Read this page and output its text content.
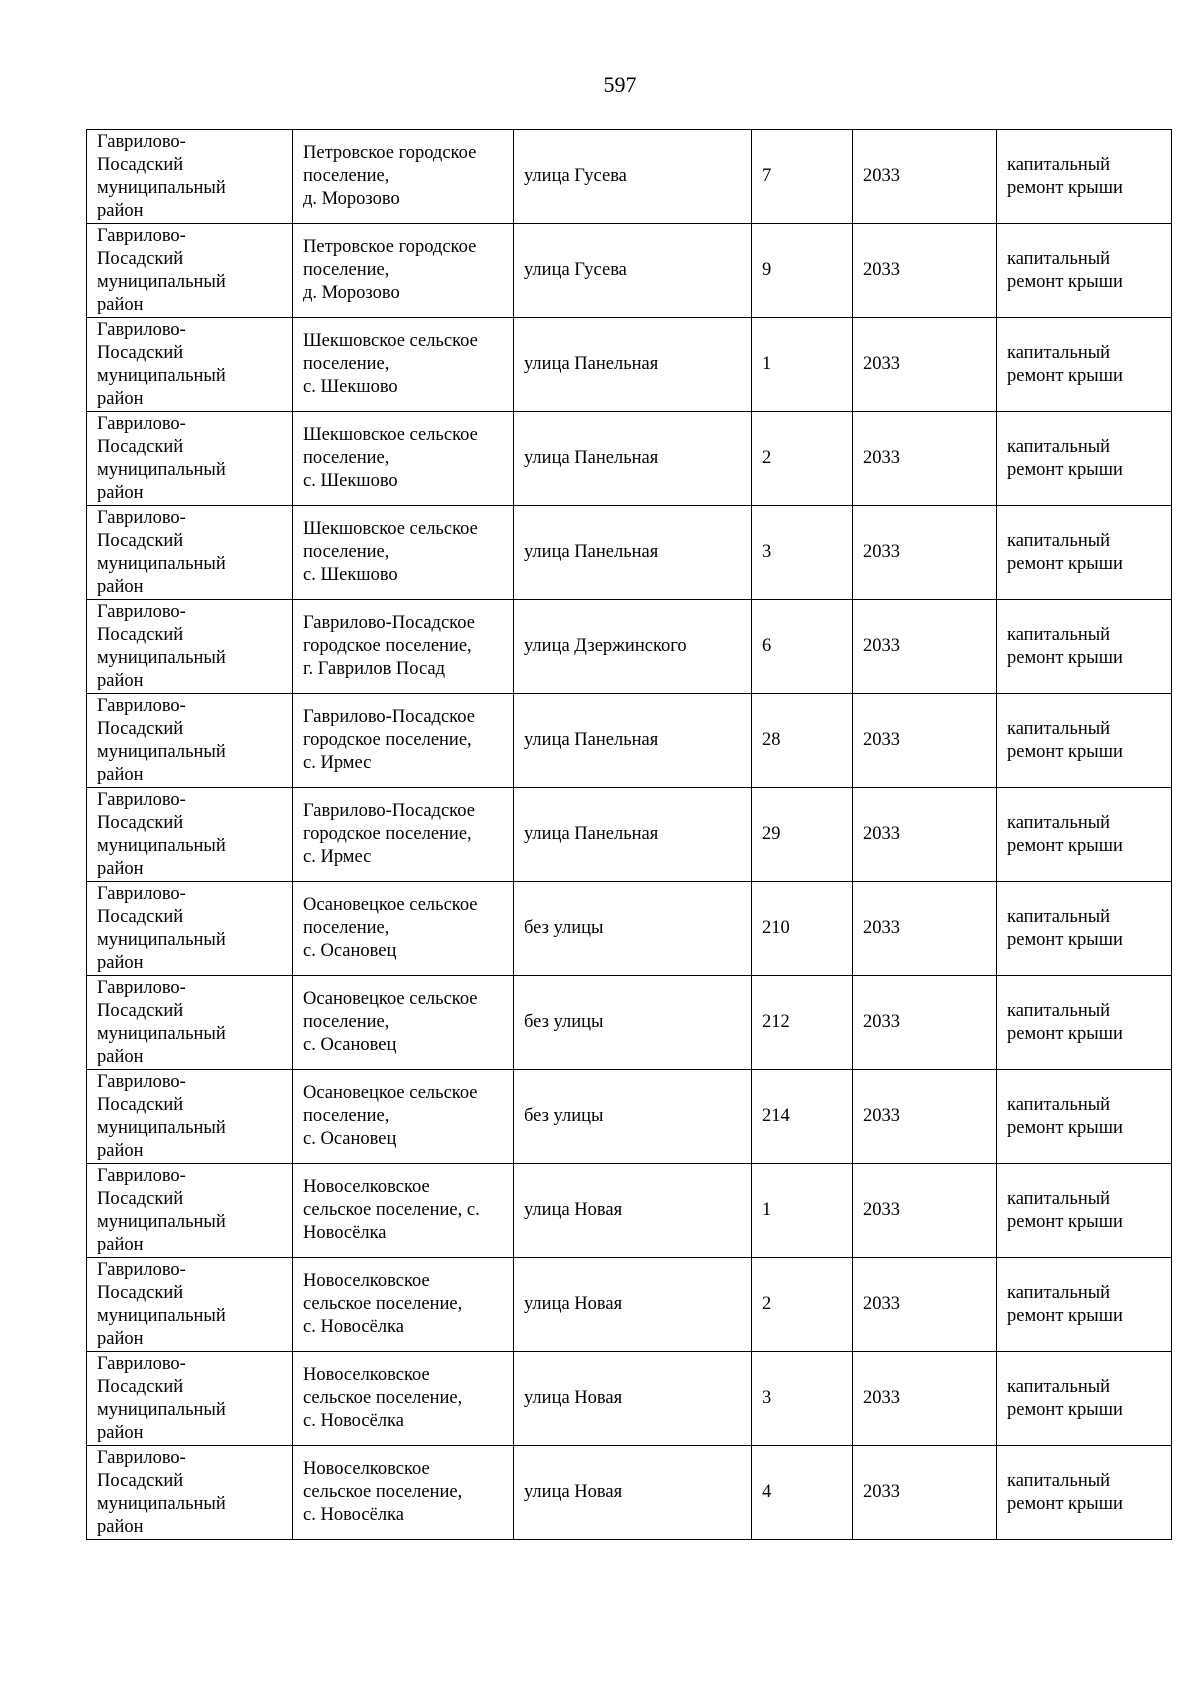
597
Гаврилово-
Посадский
муниципальный
район	Петровское городское
поселение,
д. Морозово	улица Гусева	7	2033	капитальный
ремонт крыши
Гаврилово-
Посадский
муниципальный
район	Петровское городское
поселение,
д. Морозово	улица Гусева	9	2033	капитальный
ремонт крыши
Гаврилово-
Посадский
муниципальный
район	Шекшовское сельское
поселение,
с. Шекшово	улица Панельная	1	2033	капитальный
ремонт крыши
Гаврилово-
Посадский
муниципальный
район	Шекшовское сельское
поселение,
с. Шекшово	улица Панельная	2	2033	капитальный
ремонт крыши
Гаврилово-
Посадский
муниципальный
район	Шекшовское сельское
поселение,
с. Шекшово	улица Панельная	3	2033	капитальный
ремонт крыши
Гаврилово-
Посадский
муниципальный
район	Гаврилово-Посадское
городское поселение,
г. Гаврилов Посад	улица Дзержинского	6	2033	капитальный
ремонт крыши
Гаврилово-
Посадский
муниципальный
район	Гаврилово-Посадское
городское поселение,
с. Ирмес	улица Панельная	28	2033	капитальный
ремонт крыши
Гаврилово-
Посадский
муниципальный
район	Гаврилово-Посадское
городское поселение,
с. Ирмес	улица Панельная	29	2033	капитальный
ремонт крыши
Гаврилово-
Посадский
муниципальный
район	Осановецкое сельское
поселение,
с. Осановец	без улицы	210	2033	капитальный
ремонт крыши
Гаврилово-
Посадский
муниципальный
район	Осановецкое сельское
поселение,
с. Осановец	без улицы	212	2033	капитальный
ремонт крыши
Гаврилово-
Посадский
муниципальный
район	Осановецкое сельское
поселение,
с. Осановец	без улицы	214	2033	капитальный
ремонт крыши
Гаврилово-
Посадский
муниципальный
район	Новоселковское
сельское поселение, с.
Новосёлка	улица Новая	1	2033	капитальный
ремонт крыши
Гаврилово-
Посадский
муниципальный
район	Новоселковское
сельское поселение,
с. Новосёлка	улица Новая	2	2033	капитальный
ремонт крыши
Гаврилово-
Посадский
муниципальный
район	Новоселковское
сельское поселение,
с. Новосёлка	улица Новая	3	2033	капитальный
ремонт крыши
Гаврилово-
Посадский
муниципальный
район	Новоселковское
сельское поселение,
с. Новосёлка	улица Новая	4	2033	капитальный
ремонт крыши
